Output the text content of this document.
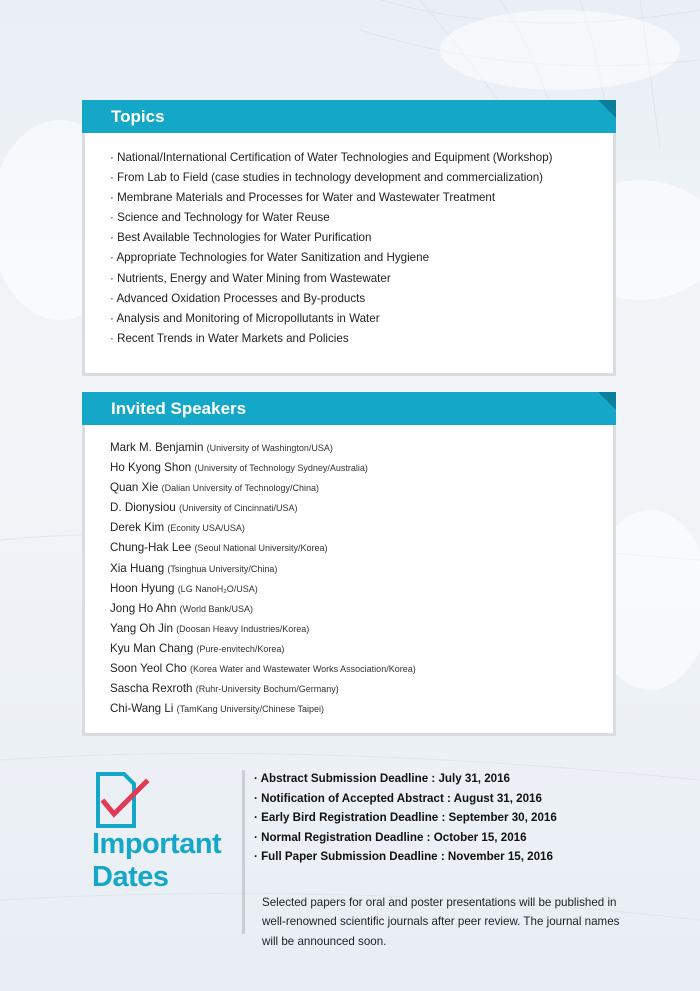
Topics
· National/International Certification of Water Technologies and Equipment (Workshop)
· From Lab to Field (case studies in technology development and commercialization)
· Membrane Materials and Processes for Water and Wastewater Treatment
· Science and Technology for Water Reuse
· Best Available Technologies for Water Purification
· Appropriate Technologies for Water Sanitization and Hygiene
· Nutrients, Energy and Water Mining from Wastewater
· Advanced Oxidation Processes and By-products
· Analysis and Monitoring of Micropollutants in Water
· Recent Trends in Water Markets and Policies
Invited Speakers
Mark M. Benjamin (University of Washington/USA)
Ho Kyong Shon (University of Technology Sydney/Australia)
Quan Xie (Dalian University of Technology/China)
D. Dionysiou (University of Cincinnati/USA)
Derek Kim (Econity USA/USA)
Chung-Hak Lee (Seoul National University/Korea)
Xia Huang (Tsinghua University/China)
Hoon Hyung (LG NanoH₂O/USA)
Jong Ho Ahn (World Bank/USA)
Yang Oh Jin (Doosan Heavy Industries/Korea)
Kyu Man Chang (Pure-envitech/Korea)
Soon Yeol Cho (Korea Water and Wastewater Works Association/Korea)
Sascha Rexroth (Ruhr-University Bochum/Germany)
Chi-Wang Li (TamKang University/Chinese Taipei)
Important
Dates
· Abstract Submission Deadline : July 31, 2016
· Notification of Accepted Abstract : August 31, 2016
· Early Bird Registration Deadline : September 30, 2016
· Normal Registration Deadline : October 15, 2016
· Full Paper Submission Deadline : November 15, 2016

Selected papers for oral and poster presentations will be published in well-renowned scientific journals after peer review. The journal names will be announced soon.
